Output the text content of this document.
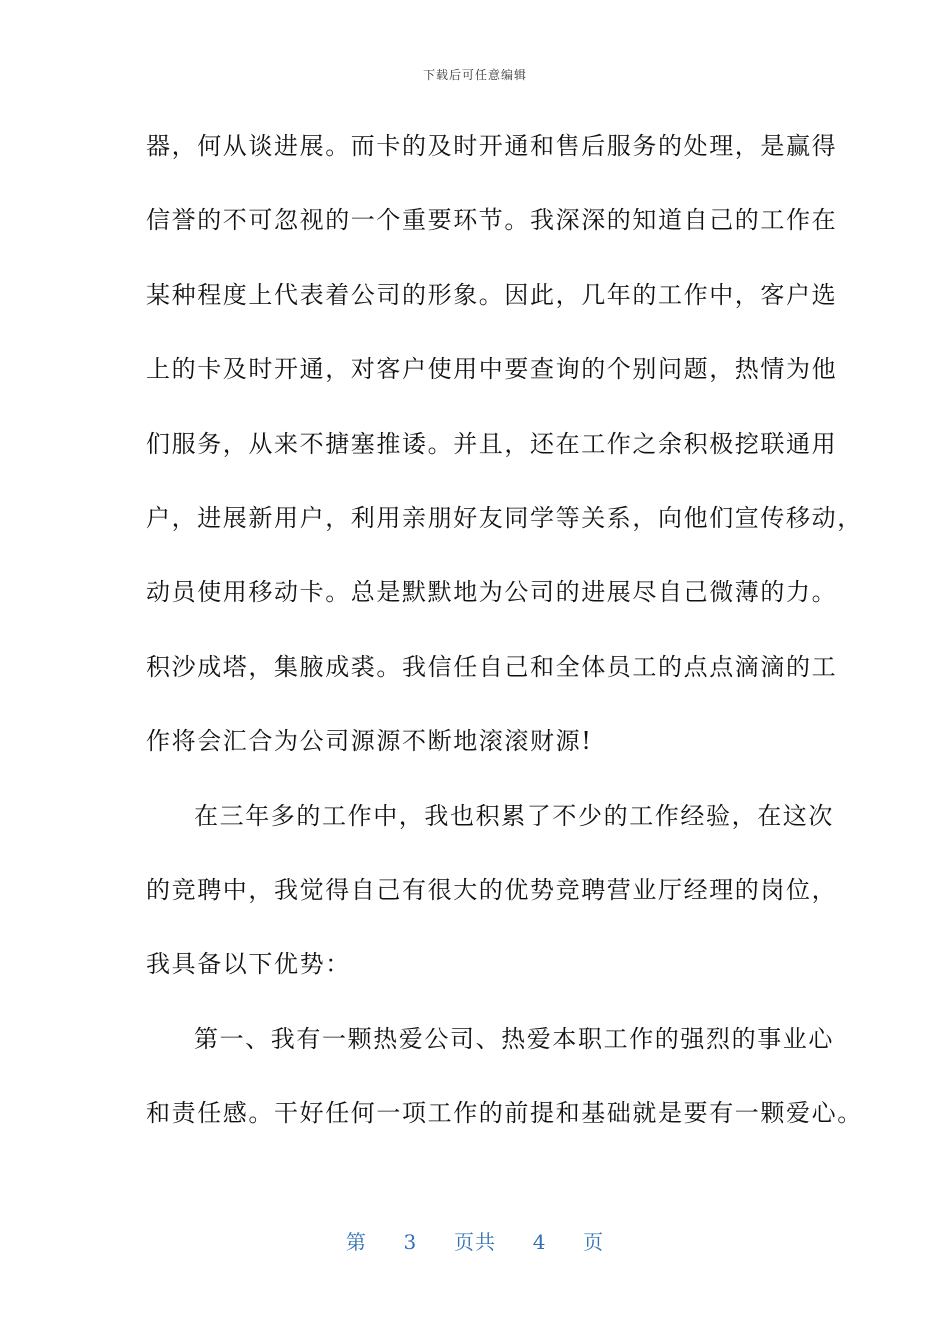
下载后可任意编辑
器，何从谈进展。而卡的及时开通和售后服务的处理，是赢得
信誉的不可忽视的一个重要环节。我深深的知道自己的工作在
某种程度上代表着公司的形象。因此，几年的工作中，客户选
上的卡及时开通，对客户使用中要查询的个别问题，热情为他
们服务，从来不搪塞推诿。并且，还在工作之余积极挖联通用
户，进展新用户，利用亲朋好友同学等关系，向他们宣传移动，
动员使用移动卡。总是默默地为公司的进展尽自己微薄的力。
积沙成塔，集腋成裘。我信任自己和全体员工的点点滴滴的工
作将会汇合为公司源源不断地滚滚财源!
在三年多的工作中，我也积累了不少的工作经验，在这次
的竞聘中，我觉得自己有很大的优势竞聘营业厅经理的岗位，
我具备以下优势：
第一、我有一颗热爱公司、热爱本职工作的强烈的事业心
和责任感。干好任何一项工作的前提和基础就是要有一颗爱心。
第 3 页共 4 页
